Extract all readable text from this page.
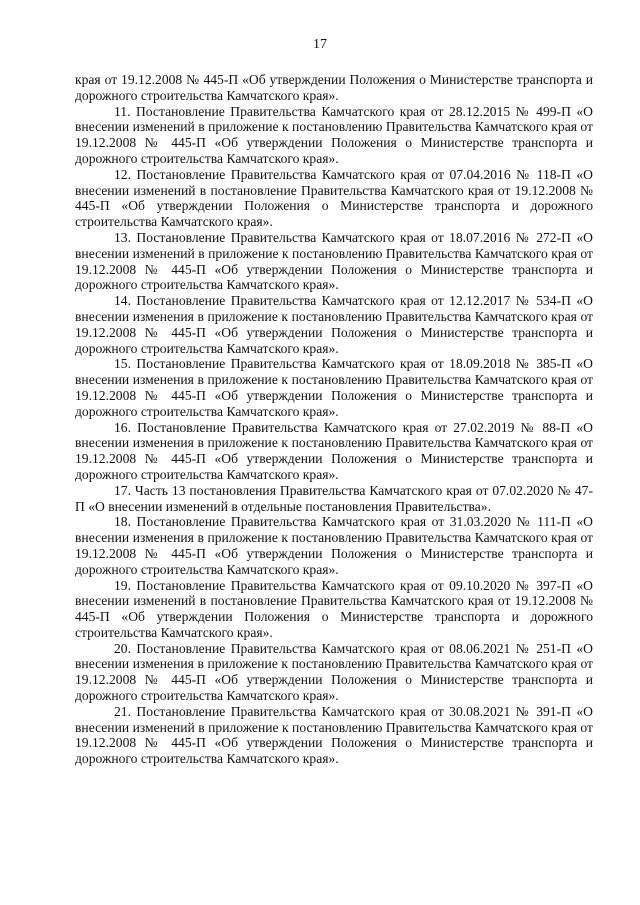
17

края от 19.12.2008 № 445-П «Об утверждении Положения о Министерстве транспорта и дорожного строительства Камчатского края».

11. Постановление Правительства Камчатского края от 28.12.2015 № 499-П «О внесении изменений в приложение к постановлению Правительства Камчатского края от 19.12.2008 № 445-П «Об утверждении Положения о Министерстве транспорта и дорожного строительства Камчатского края».

12. Постановление Правительства Камчатского края от 07.04.2016 № 118-П «О внесении изменений в постановление Правительства Камчатского края от 19.12.2008 № 445-П «Об утверждении Положения о Министерстве транспорта и дорожного строительства Камчатского края».

13. Постановление Правительства Камчатского края от 18.07.2016 № 272-П «О внесении изменений в приложение к постановлению Правительства Камчатского края от 19.12.2008 № 445-П «Об утверждении Положения о Министерстве транспорта и дорожного строительства Камчатского края».

14. Постановление Правительства Камчатского края от 12.12.2017 № 534-П «О внесении изменения в приложение к постановлению Правительства Камчатского края от 19.12.2008 № 445-П «Об утверждении Положения о Министерстве транспорта и дорожного строительства Камчатского края».

15. Постановление Правительства Камчатского края от 18.09.2018 № 385-П «О внесении изменения в приложение к постановлению Правительства Камчатского края от 19.12.2008 № 445-П «Об утверждении Положения о Министерстве транспорта и дорожного строительства Камчатского края».

16. Постановление Правительства Камчатского края от 27.02.2019 № 88-П «О внесении изменения в приложение к постановлению Правительства Камчатского края от 19.12.2008 № 445-П «Об утверждении Положения о Министерстве транспорта и дорожного строительства Камчатского края».

17. Часть 13 постановления Правительства Камчатского края от 07.02.2020 № 47-П «О внесении изменений в отдельные постановления Правительства».

18. Постановление Правительства Камчатского края от 31.03.2020 № 111-П «О внесении изменения в приложение к постановлению Правительства Камчатского края от 19.12.2008 № 445-П «Об утверждении Положения о Министерстве транспорта и дорожного строительства Камчатского края».

19. Постановление Правительства Камчатского края от 09.10.2020 № 397-П «О внесении изменений в постановление Правительства Камчатского края от 19.12.2008 № 445-П «Об утверждении Положения о Министерстве транспорта и дорожного строительства Камчатского края».

20. Постановление Правительства Камчатского края от 08.06.2021 № 251-П «О внесении изменения в приложение к постановлению Правительства Камчатского края от 19.12.2008 № 445-П «Об утверждении Положения о Министерстве транспорта и дорожного строительства Камчатского края».

21. Постановление Правительства Камчатского края от 30.08.2021 № 391-П «О внесении изменений в приложение к постановлению Правительства Камчатского края от 19.12.2008 № 445-П «Об утверждении Положения о Министерстве транспорта и дорожного строительства Камчатского края».
